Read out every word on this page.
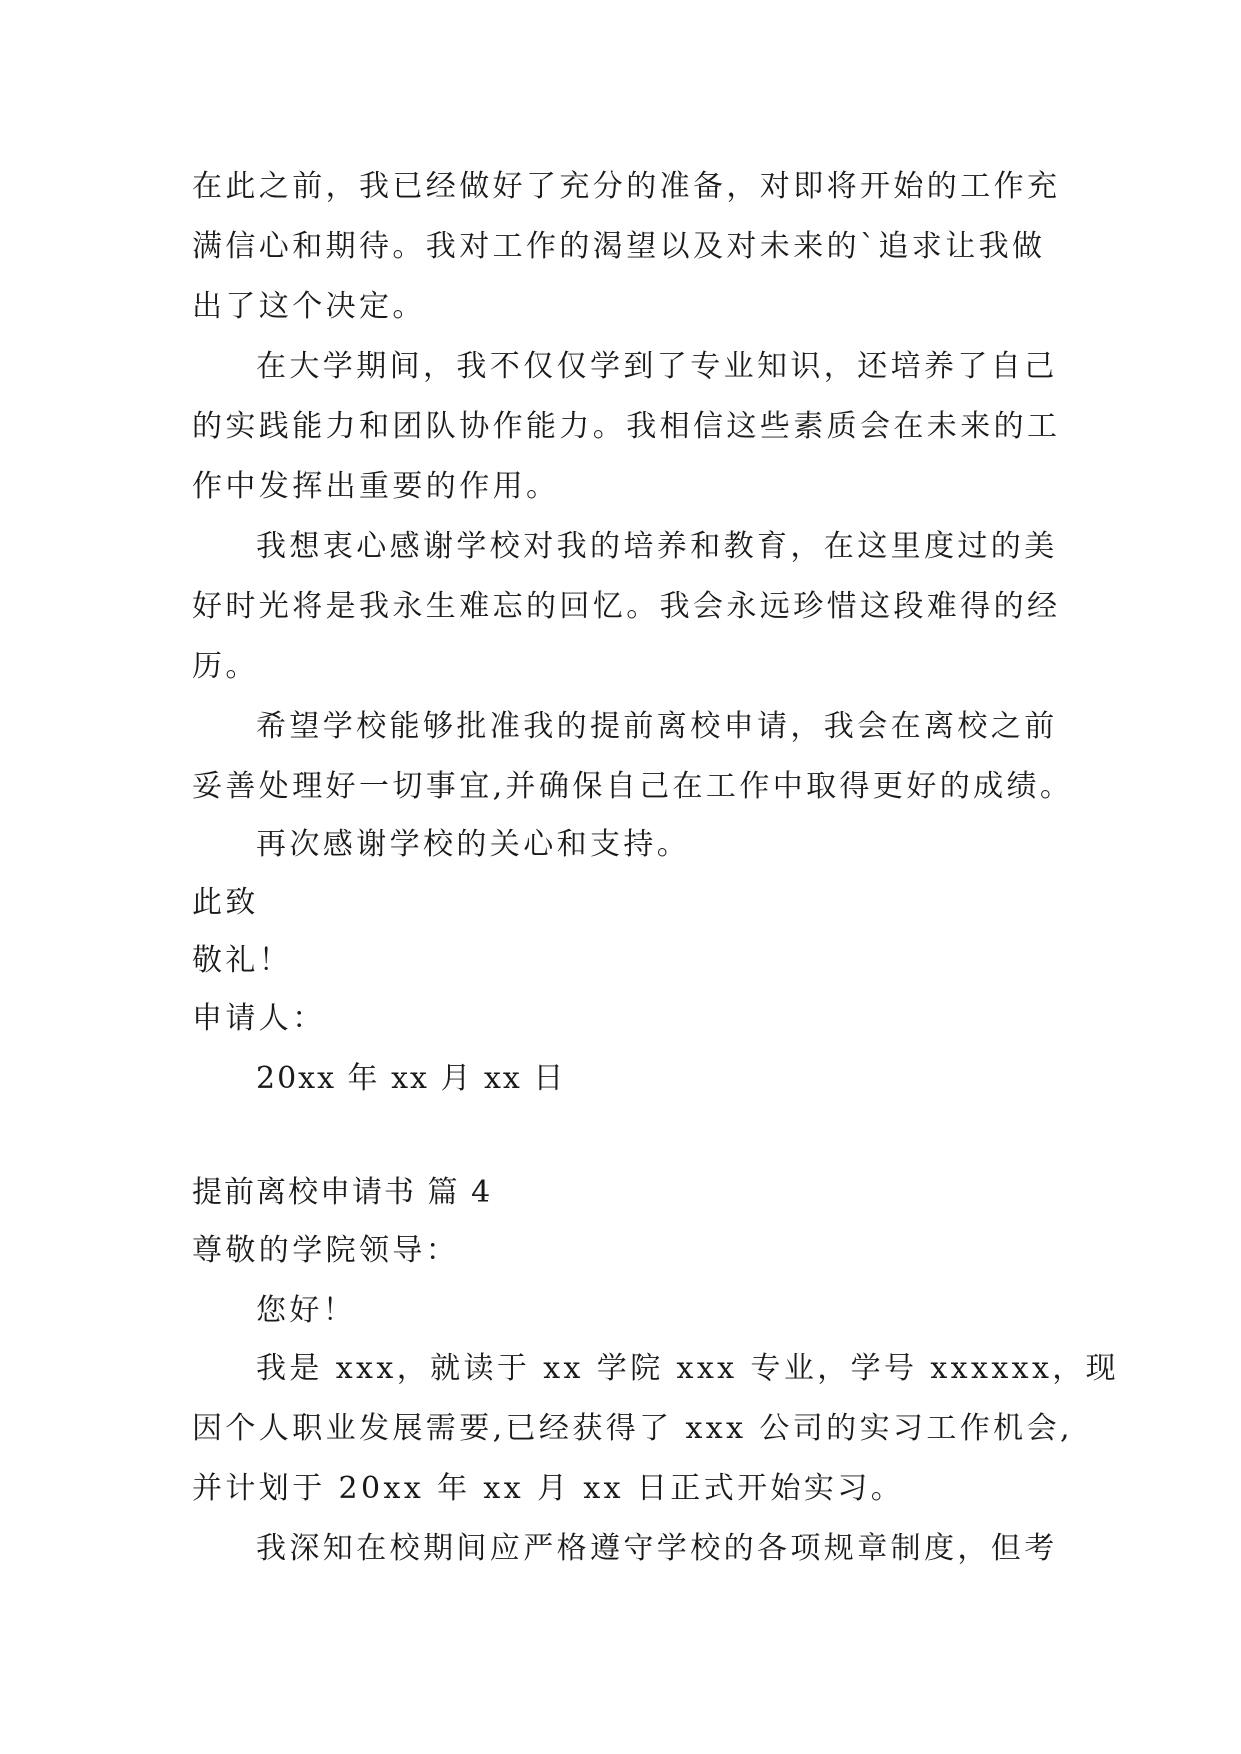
在此之前，我已经做好了充分的准备，对即将开始的工作充
满信心和期待。我对工作的渴望以及对未来的`追求让我做
出了这个决定。
在大学期间，我不仅仅学到了专业知识，还培养了自己
的实践能力和团队协作能力。我相信这些素质会在未来的工
作中发挥出重要的作用。
我想衷心感谢学校对我的培养和教育，在这里度过的美
好时光将是我永生难忘的回忆。我会永远珍惜这段难得的经
历。
希望学校能够批准我的提前离校申请，我会在离校之前
妥善处理好一切事宜,并确保自己在工作中取得更好的成绩。
再次感谢学校的关心和支持。
此致
敬礼！
申请人：
20xx 年 xx 月 xx 日
提前离校申请书 篇 4
尊敬的学院领导：
您好！
我是 xxx，就读于 xx 学院 xxx 专业，学号 xxxxxx，现
因个人职业发展需要,已经获得了 xxx 公司的实习工作机会,
并计划于 20xx 年 xx 月 xx 日正式开始实习。
我深知在校期间应严格遵守学校的各项规章制度，但考
